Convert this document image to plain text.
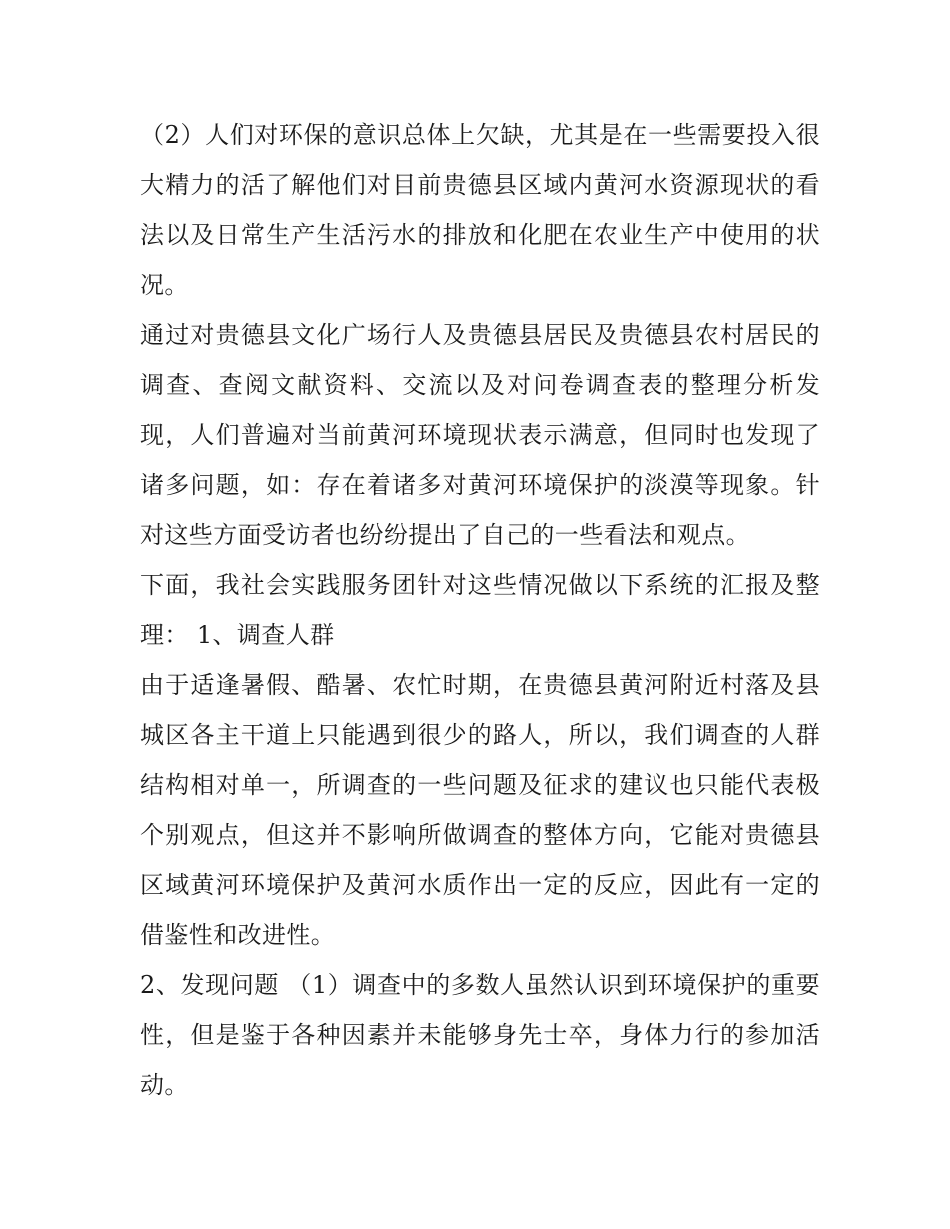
（2）人们对环保的意识总体上欠缺，尤其是在一些需要投入很大精力的活了解他们对目前贵德县区域内黄河水资源现状的看法以及日常生产生活污水的排放和化肥在农业生产中使用的状况。

通过对贵德县文化广场行人及贵德县居民及贵德县农村居民的调查、查阅文献资料、交流以及对问卷调查表的整理分析发现，人们普遍对当前黄河环境现状表示满意，但同时也发现了诸多问题，如：存在着诸多对黄河环境保护的淡漠等现象。针对这些方面受访者也纷纷提出了自己的一些看法和观点。

下面，我社会实践服务团针对这些情况做以下系统的汇报及整理： 1、调查人群

由于适逢暑假、酷暑、农忙时期，在贵德县黄河附近村落及县城区各主干道上只能遇到很少的路人，所以，我们调查的人群结构相对单一，所调查的一些问题及征求的建议也只能代表极个别观点，但这并不影响所做调查的整体方向，它能对贵德县区域黄河环境保护及黄河水质作出一定的反应，因此有一定的借鉴性和改进性。

2、发现问题 （1）调查中的多数人虽然认识到环境保护的重要性，但是鉴于各种因素并未能够身先士卒，身体力行的参加活动。
